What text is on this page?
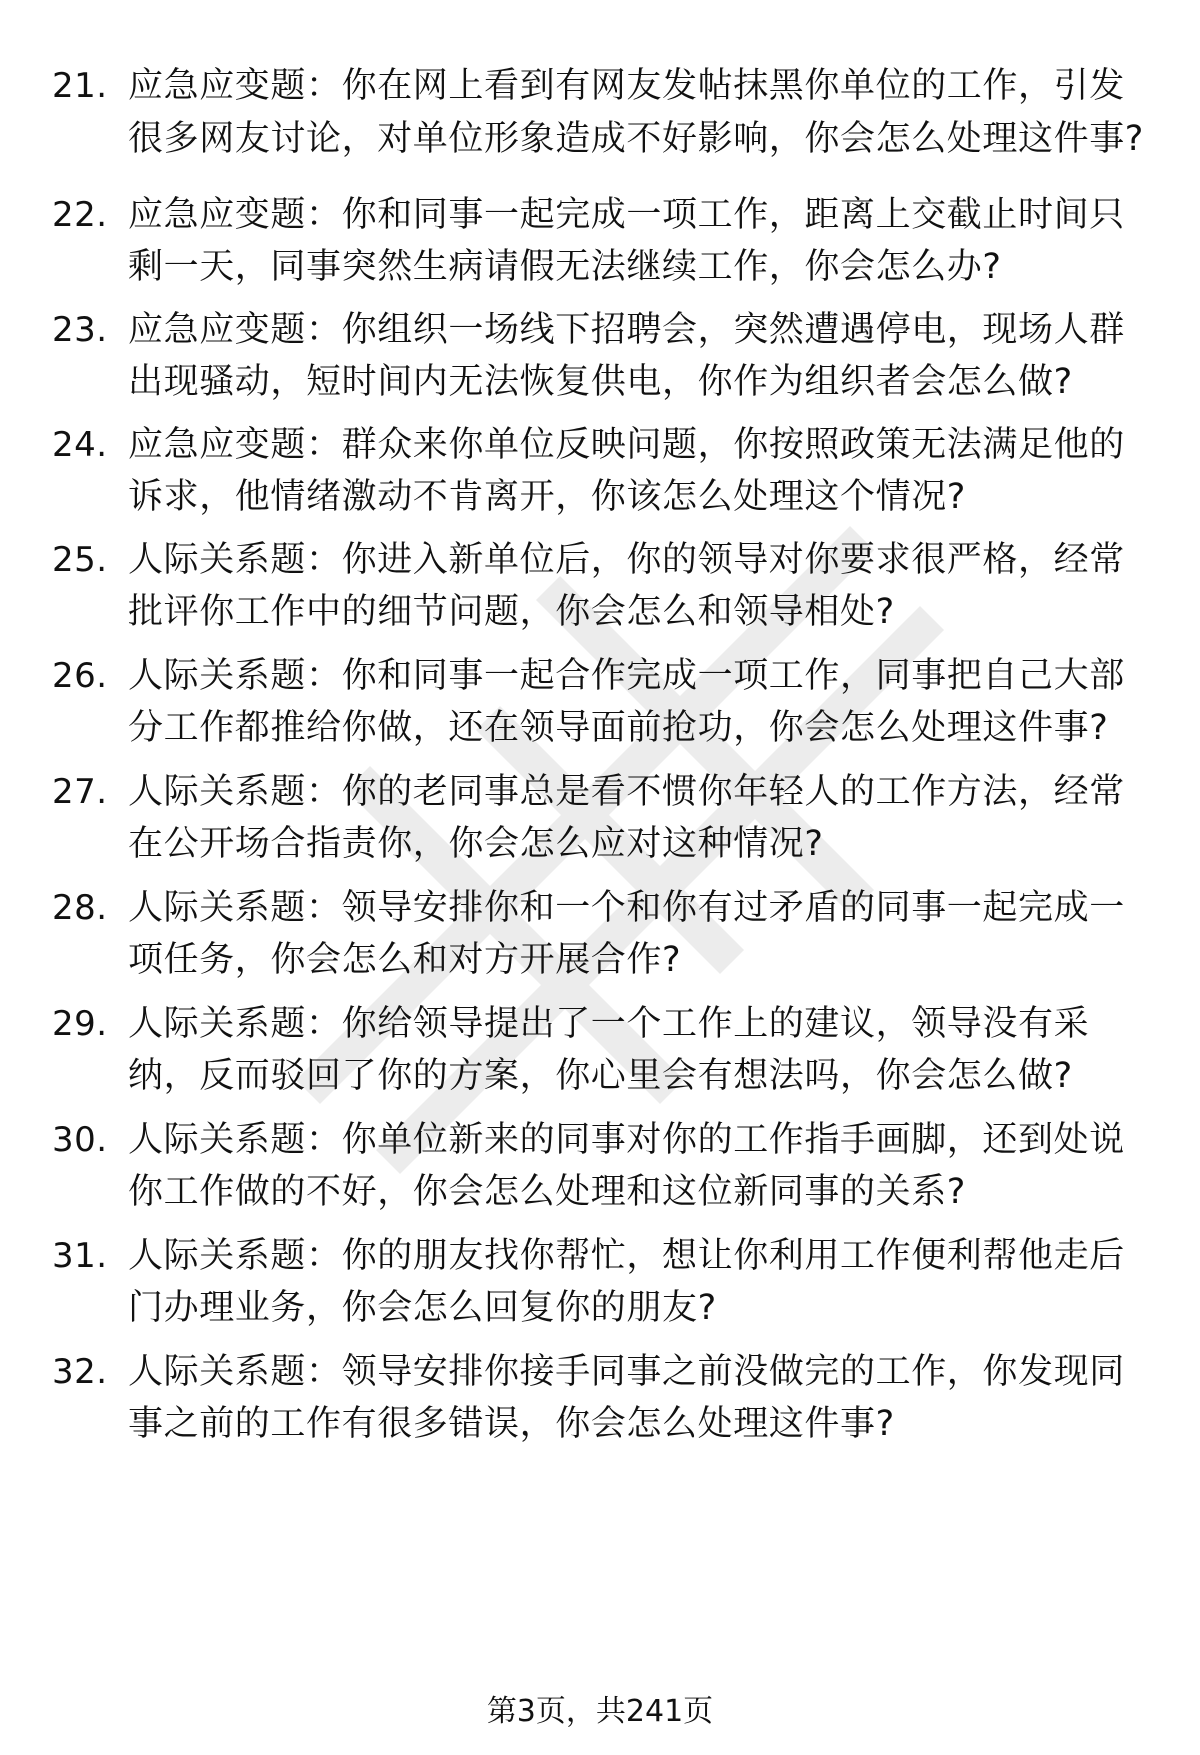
21. 应急应变题：你在网上看到有网友发帖抹黑你单位的工作，引发很多网友讨论，对单位形象造成不好影响，你会怎么处理这件事?
22. 应急应变题：你和同事一起完成一项工作，距离上交截止时间只剩一天，同事突然生病请假无法继续工作，你会怎么办?
23. 应急应变题：你组织一场线下招聘会，突然遭遇停电，现场人群出现骚动，短时间内无法恢复供电，你作为组织者会怎么做?
24. 应急应变题：群众来你单位反映问题，你按照政策无法满足他的诉求，他情绪激动不肯离开，你该怎么处理这个情况?
25. 人际关系题：你进入新单位后，你的领导对你要求很严格，经常批评你工作中的细节问题，你会怎么和领导相处?
26. 人际关系题：你和同事一起合作完成一项工作，同事把自己大部分工作都推给你做，还在领导面前抢功，你会怎么处理这件事?
27. 人际关系题：你的老同事总是看不惯你年轻人的工作方法，经常在公开场合指责你，你会怎么应对这种情况?
28. 人际关系题：领导安排你和一个和你有过矛盾的同事一起完成一项任务，你会怎么和对方开展合作?
29. 人际关系题：你给领导提出了一个工作上的建议，领导没有采纳，反而驳回了你的方案，你心里会有想法吗，你会怎么做?
30. 人际关系题：你单位新来的同事对你的工作指手画脚，还到处说你工作做的不好，你会怎么处理和这位新同事的关系?
31. 人际关系题：你的朋友找你帮忙，想让你利用工作便利帮他走后门办理业务，你会怎么回复你的朋友?
32. 人际关系题：领导安排你接手同事之前没做完的工作，你发现同事之前的工作有很多错误，你会怎么处理这件事?
第3页，共241页
